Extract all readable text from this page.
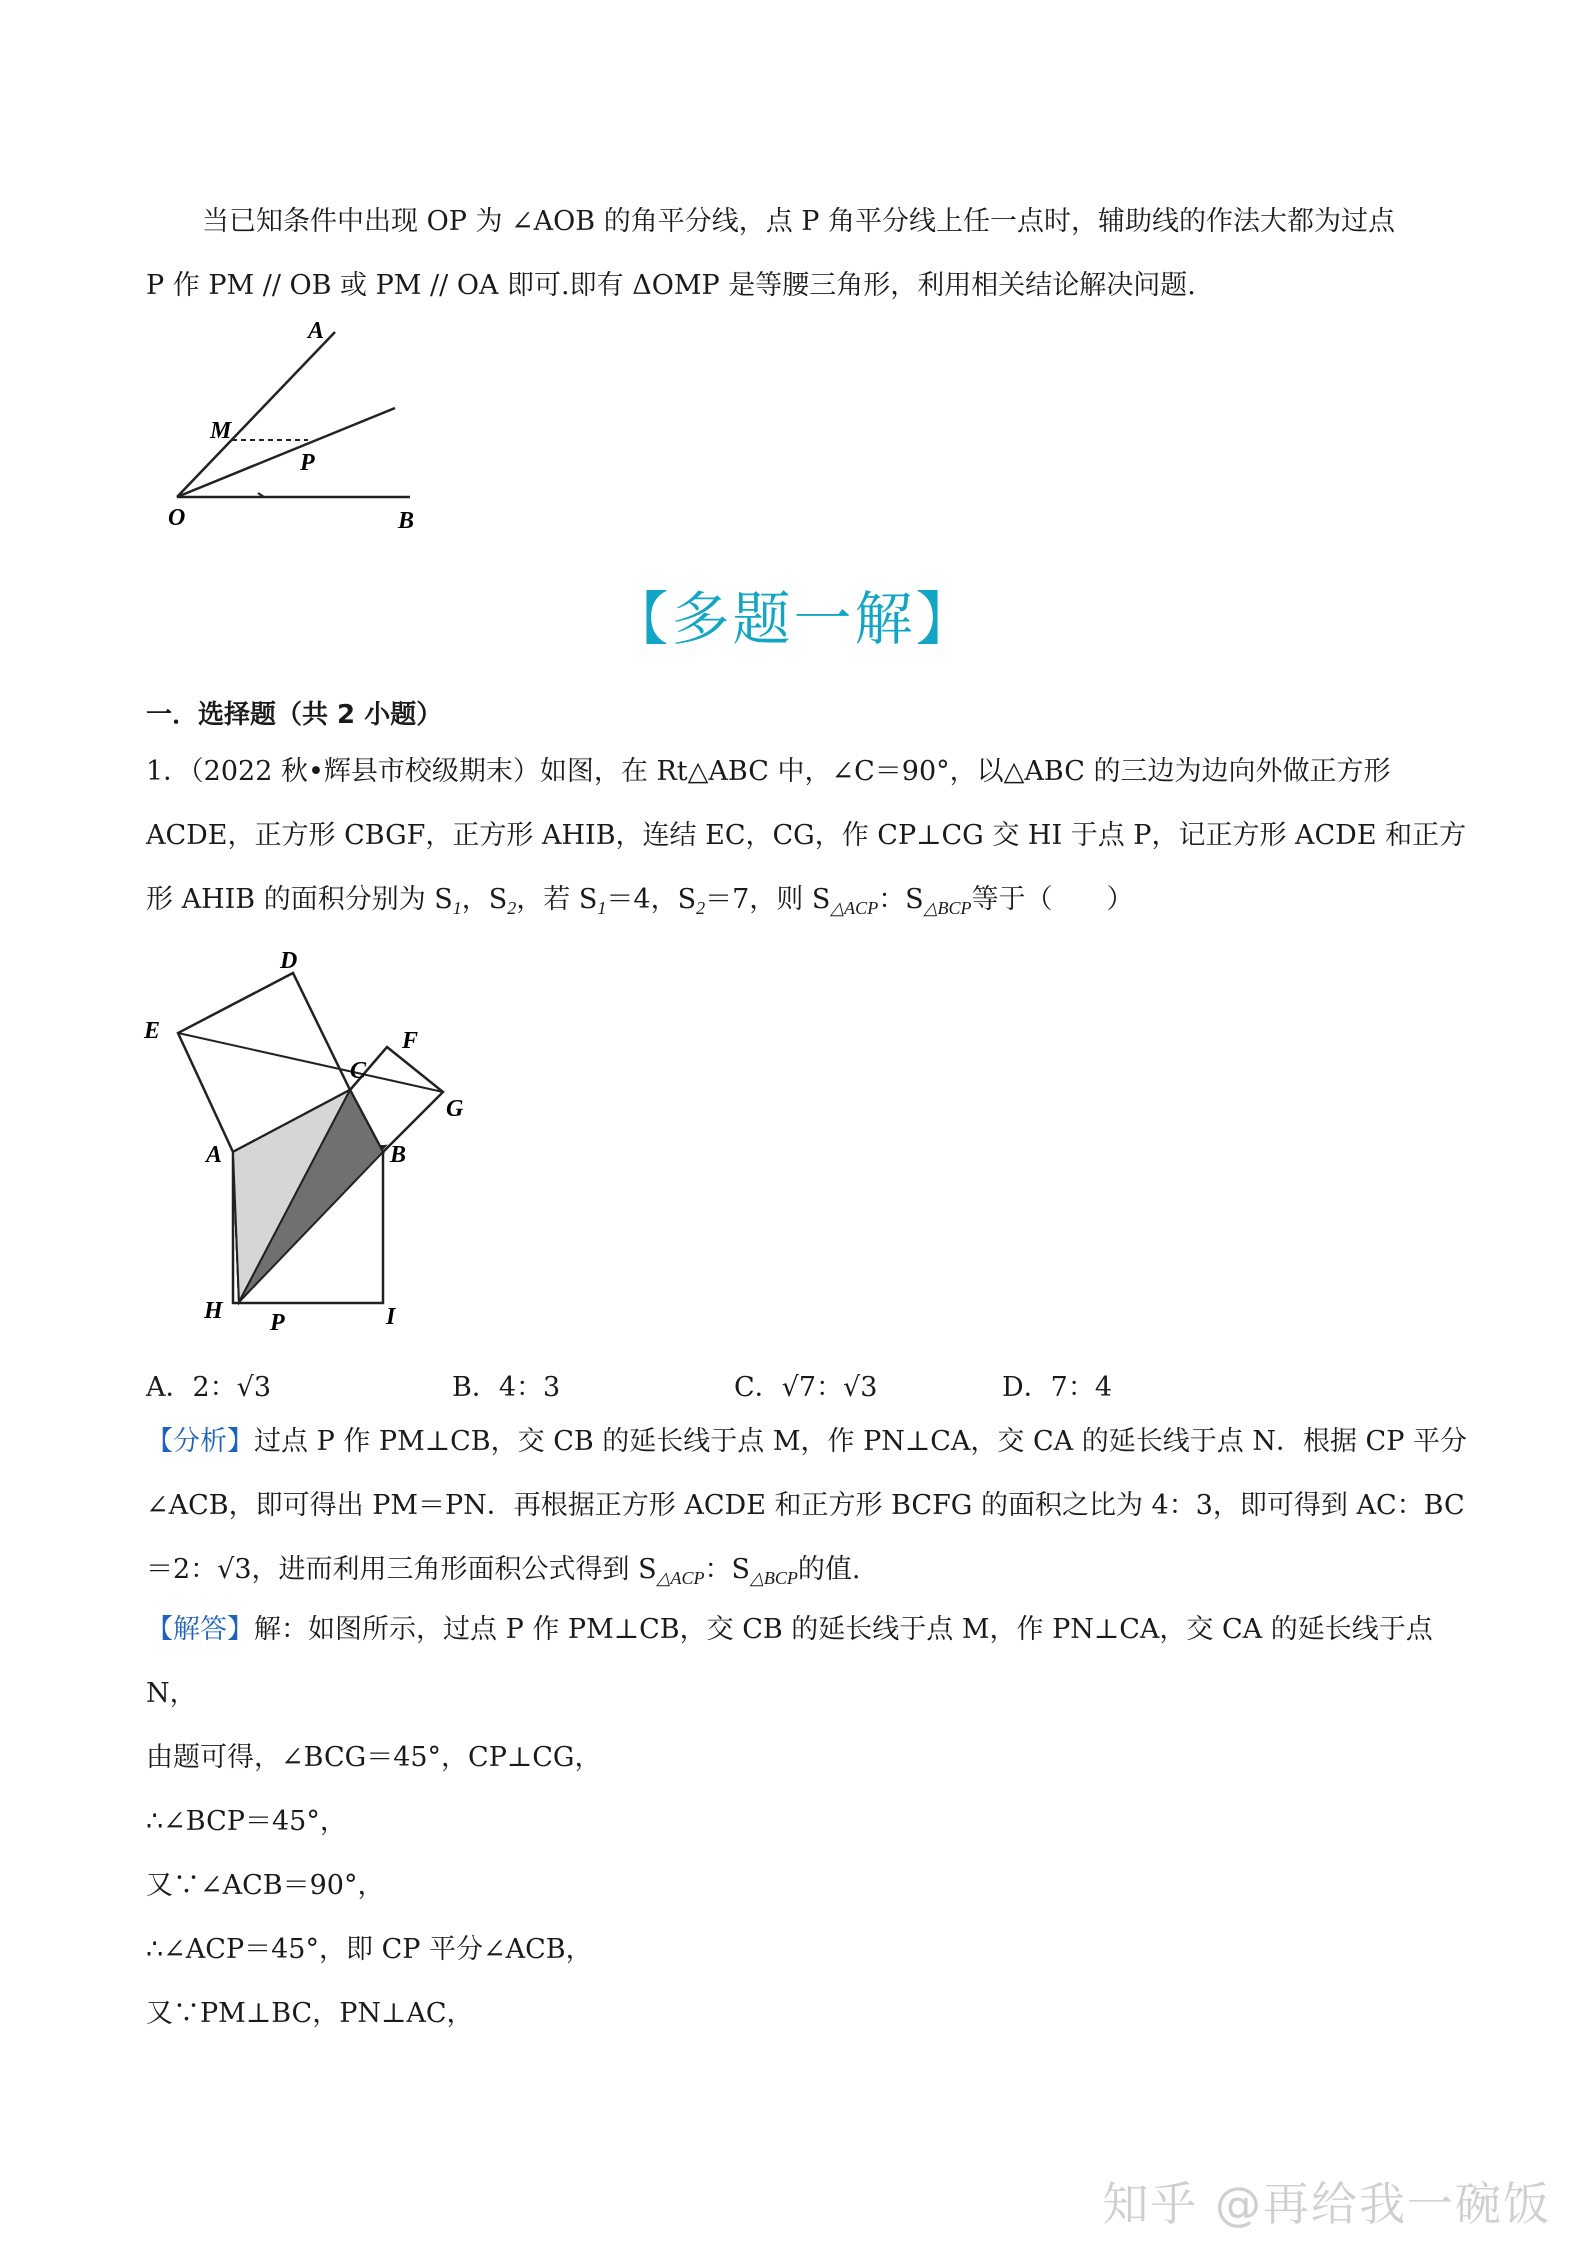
当已知条件中出现 OP 为 ∠AOB 的角平分线，点 P 角平分线上任一点时，辅助线的作法大都为过点
P 作 PM // OB 或 PM // OA 即可.即有 ΔOMP 是等腰三角形，利用相关结论解决问题.
A
M
P
O	B
【多题一解】
一．选择题（共 2 小题）
1．（2022 秋•辉县市校级期末）如图，在 Rt△ABC 中，∠C＝90°，以△ABC 的三边为边向外做正方形
ACDE，正方形 CBGF，正方形 AHIB，连结 EC，CG，作 CP⊥CG 交 HI 于点 P，记正方形 ACDE 和正方
形 AHIB 的面积分别为 $S_1$，$S_2$，若 $S_1=4$，$S_2=7$，则 $S_{\triangle ACP}$：$S_{\triangle BCP}$等于（　　）
D
E
C
F
G
A	B
H P	I
A．2：√3	B．4：3	C．√7：√3	D．7：4
【分析】过点 P 作 PM⊥CB，交 CB 的延长线于点 M，作 PN⊥CA，交 CA 的延长线于点 N．根据 CP 平分
∠ACB，即可得出 PM＝PN．再根据正方形 ACDE 和正方形 BCFG 的面积之比为 4：3，即可得到 AC：BC
＝2：√3，进而利用三角形面积公式得到 $S_{\triangle ACP}$：$S_{\triangle BCP}$的值.
【解答】解：如图所示，过点 P 作 PM⊥CB，交 CB 的延长线于点 M，作 PN⊥CA，交 CA 的延长线于点
N，
由题可得，∠BCG＝45°，CP⊥CG，
∴∠BCP＝45°，
又∵∠ACB＝90°，
∴∠ACP＝45°，即 CP 平分∠ACB，
又∵PM⊥BC，PN⊥AC，
知乎 @再给我一碗饭
